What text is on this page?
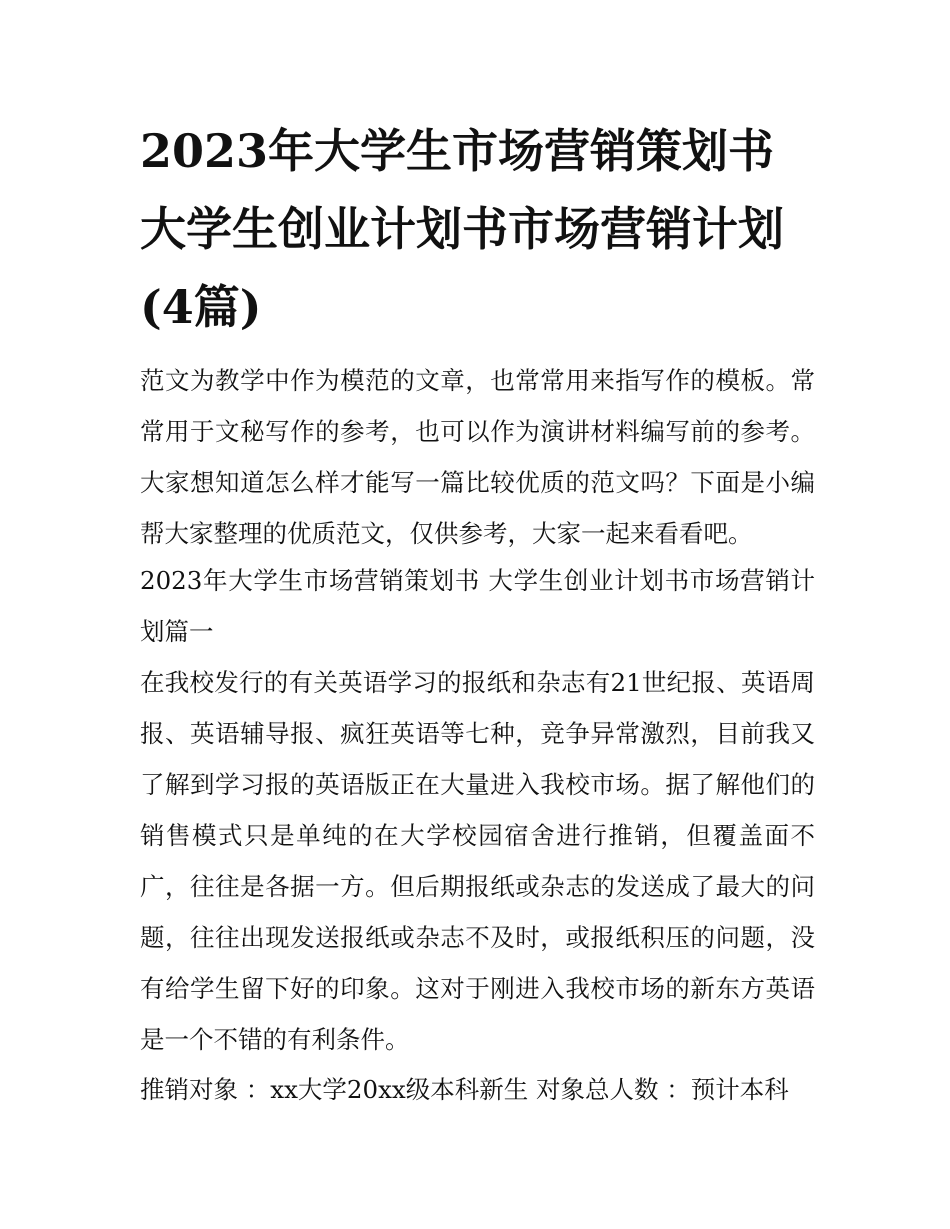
2023年大学生市场营销策划书 大学生创业计划书市场营销计划(4篇)

范文为教学中作为模范的文章，也常常用来指写作的模板。常常用于文秘写作的参考，也可以作为演讲材料编写前的参考。大家想知道怎么样才能写一篇比较优质的范文吗？下面是小编帮大家整理的优质范文，仅供参考，大家一起来看看吧。

2023年大学生市场营销策划书 大学生创业计划书市场营销计划篇一

在我校发行的有关英语学习的报纸和杂志有21世纪报、英语周报、英语辅导报、疯狂英语等七种，竞争异常激烈，目前我又了解到学习报的英语版正在大量进入我校市场。据了解他们的销售模式只是单纯的在大学校园宿舍进行推销，但覆盖面不广，往往是各据一方。但后期报纸或杂志的发送成了最大的问题，往往出现发送报纸或杂志不及时，或报纸积压的问题，没有给学生留下好的印象。这对于刚进入我校市场的新东方英语是一个不错的有利条件。

推销对象 ：xx大学20xx级本科新生 对象总人数 ：预计本科
